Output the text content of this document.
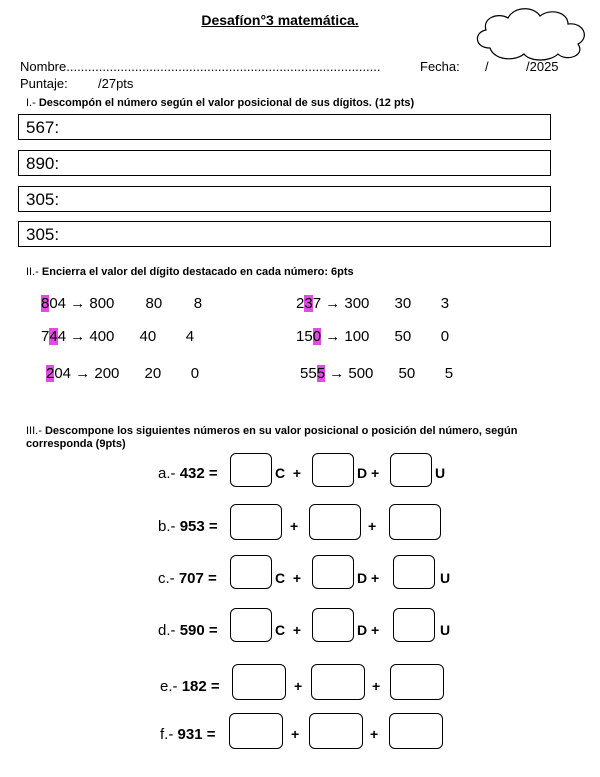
Desafíon°3 matemática.
Nombre.......................................................................................	Fecha: /	/2025
Puntaje: /27pts
I.- Descompón el número según el valor posicional de sus dígitos. (12 pts)
567:
890:
305:
305:
II.- Encierra el valor del dígito destacado en cada número: 6pts
804 → 800 80 8	237 → 300 30 3
744 → 400 40 4	150 → 100 50 0
204 → 200 20 0	555 → 500 50 5
III.- Descompone los siguientes números en su valor posicional o posición del número, según corresponda (9pts)
a.- 432 =	C +	D +	U
b.- 953 =	+	+
c.- 707 =	C +	D +	U
d.- 590 =	C +	D +	U
e.- 182 =	+	+
f.- 931 =	+	+
